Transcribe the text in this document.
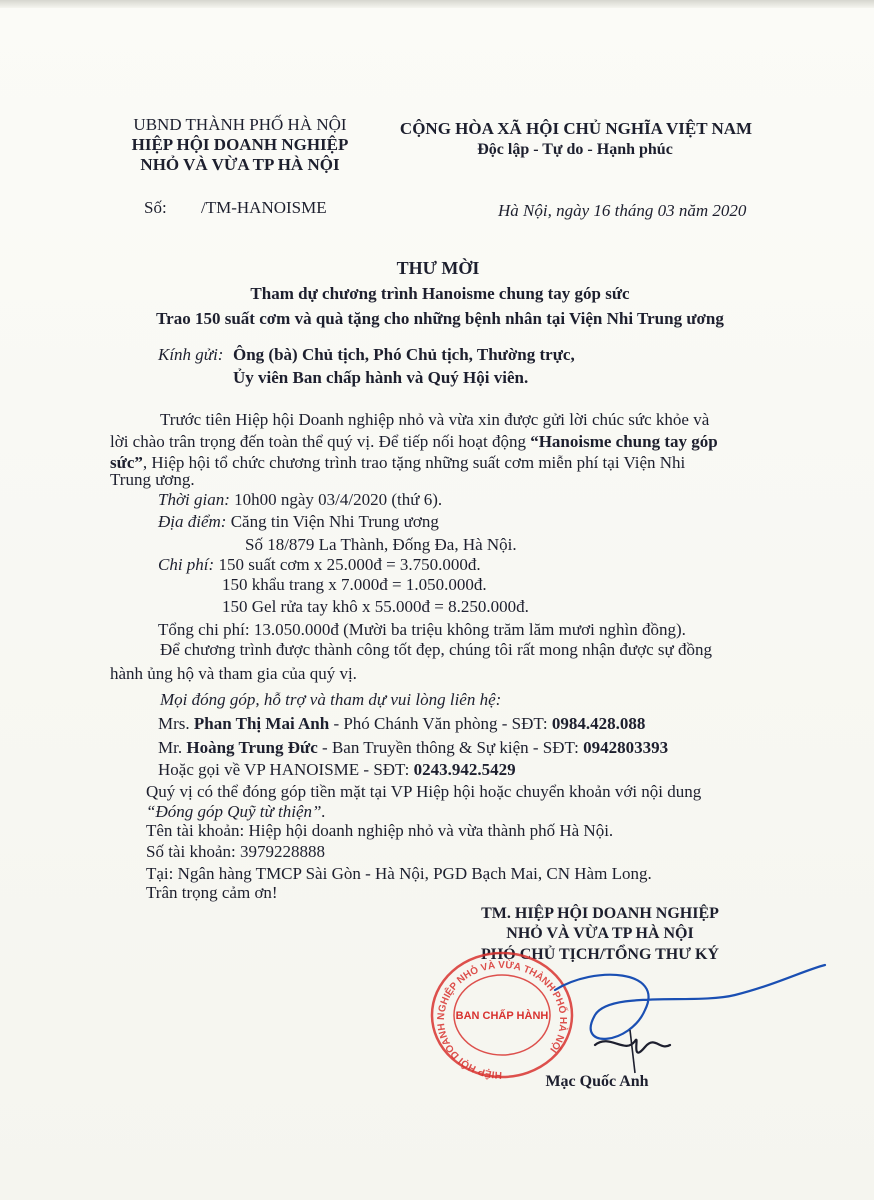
UBND THÀNH PHỐ HÀ NỘI
HIỆP HỘI DOANH NGHIỆP
NHỎ VÀ VỪA TP HÀ NỘI
CỘNG HÒA XÃ HỘI CHỦ NGHĨA VIỆT NAM
Độc lập - Tự do - Hạnh phúc
Số: /TM-HANOISME	Hà Nội, ngày 16 tháng 03 năm 2020
THƯ MỜI
Tham dự chương trình Hanoisme chung tay góp sức
Trao 150 suất cơm và quà tặng cho những bệnh nhân tại Viện Nhi Trung ương
Kính gửi: Ông (bà) Chủ tịch, Phó Chủ tịch, Thường trực,
Ủy viên Ban chấp hành và Quý Hội viên.
Trước tiên Hiệp hội Doanh nghiệp nhỏ và vừa xin được gửi lời chúc sức khỏe và
lời chào trân trọng đến toàn thể quý vị. Để tiếp nối hoạt động “Hanoisme chung tay góp
sức”, Hiệp hội tổ chức chương trình trao tặng những suất cơm miễn phí tại Viện Nhi
Trung ương.
Thời gian: 10h00 ngày 03/4/2020 (thứ 6).
Địa điểm: Căng tin Viện Nhi Trung ương
Số 18/879 La Thành, Đống Đa, Hà Nội.
Chi phí: 150 suất cơm x 25.000đ = 3.750.000đ.
150 khẩu trang x 7.000đ = 1.050.000đ.
150 Gel rửa tay khô x 55.000đ = 8.250.000đ.
Tổng chi phí: 13.050.000đ (Mười ba triệu không trăm lăm mươi nghìn đồng).
Để chương trình được thành công tốt đẹp, chúng tôi rất mong nhận được sự đồng
hành ủng hộ và tham gia của quý vị.
Mọi đóng góp, hỗ trợ và tham dự vui lòng liên hệ:
Mrs. Phan Thị Mai Anh - Phó Chánh Văn phòng - SĐT: 0984.428.088
Mr. Hoàng Trung Đức - Ban Truyền thông & Sự kiện - SĐT: 0942803393
Hoặc gọi về VP HANOISME - SĐT: 0243.942.5429
Quý vị có thể đóng góp tiền mặt tại VP Hiệp hội hoặc chuyển khoản với nội dung
“Đóng góp Quỹ từ thiện”.
Tên tài khoản: Hiệp hội doanh nghiệp nhỏ và vừa thành phố Hà Nội.
Số tài khoản: 3979228888
Tại: Ngân hàng TMCP Sài Gòn - Hà Nội, PGD Bạch Mai, CN Hàm Long.
Trân trọng cảm ơn!
TM. HIỆP HỘI DOANH NGHIỆP
NHỎ VÀ VỪA TP HÀ NỘI
PHÓ CHỦ TỊCH/TỔNG THƯ KÝ
HIỆP HỘI DOANH NGHIỆP NHỎ VÀ VỪA THÀNH PHỐ HÀ NỘI
BAN CHẤP HÀNH
Mạc Quốc Anh
